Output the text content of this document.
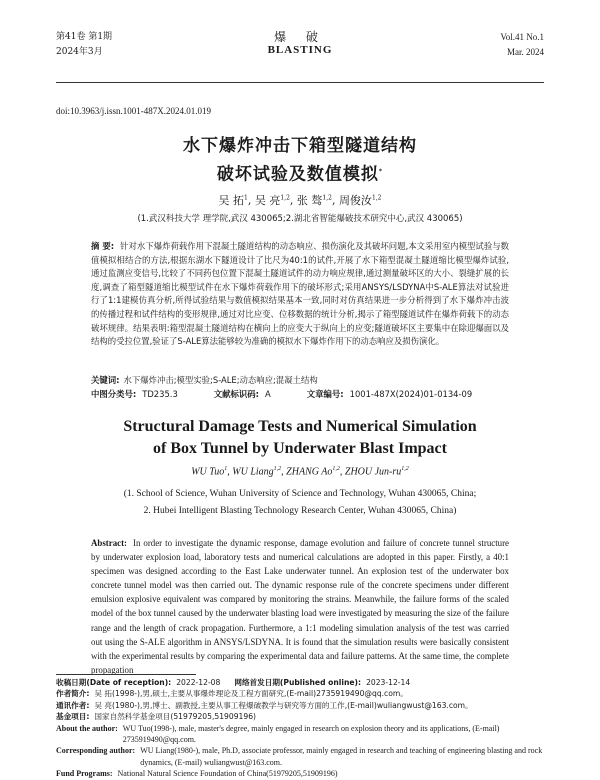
第41卷 第1期
2024年3月
爆 破
BLASTING
Vol.41 No.1
Mar. 2024
doi:10.3963/j.issn.1001-487X.2024.01.019
水下爆炸冲击下箱型隧道结构
破坏试验及数值模拟*
吴 拓$^1$, 吴 亮$^{1,2}$, 张 骜$^{1,2}$, 周俊汝$^{1,2}$
(1.武汉科技大学 理学院,武汉 430065;2.湖北省智能爆破技术研究中心,武汉 430065)
摘 要: 针对水下爆炸荷载作用下混凝土隧道结构的动态响应、损伤演化及其破坏问题,本文采用室内模型试验与数值模拟相结合的方法,根据东湖水下隧道设计了比尺为40:1的试件,开展了水下箱型混凝土隧道缩比模型爆炸试验,通过监测应变信号,比较了不同药包位置下混凝土隧道试件的动力响应规律,通过测量破坏区的大小、裂缝扩展的长度,调查了箱型隧道缩比模型试件在水下爆炸荷载作用下的破坏形式;采用ANSYS/LSDYNA中S-ALE算法对试验进行了1:1建模仿真分析,所得试验结果与数值模拟结果基本一致,同时对仿真结果进一步分析得到了水下爆炸冲击波的传播过程和试件结构的变形规律,通过对比应变、位移数据的统计分析,揭示了箱型隧道试件在爆炸荷载下的动态破坏规律。结果表明:箱型混凝土隧道结构在横向上的应变大于纵向上的应变;隧道破坏区主要集中在除迎爆面以及结构的受拉位置,验证了S-ALE算法能够较为准确的模拟水下爆炸作用下的动态响应及损伤演化。
关键词: 水下爆炸冲击;模型实验;S-ALE;动态响应;混凝土结构
中图分类号: TD235.3	文献标识码: A	文章编号: 1001-487X(2024)01-0134-09
Structural Damage Tests and Numerical Simulation
of Box Tunnel by Underwater Blast Impact
WU Tuo$^1$, WU Liang$^{1,2}$, ZHANG Ao$^{1,2}$, ZHOU Jun-ru$^{1,2}$
(1. School of Science, Wuhan University of Science and Technology, Wuhan 430065, China;
2. Hubei Intelligent Blasting Technology Research Center, Wuhan 430065, China)
Abstract: In order to investigate the dynamic response, damage evolution and failure of concrete tunnel structure by underwater explosion load, laboratory tests and numerical calculations are adopted in this paper. Firstly, a 40:1 specimen was designed according to the East Lake underwater tunnel. An explosion test of the underwater box concrete tunnel model was then carried out. The dynamic response rule of the concrete specimens under different emulsion explosive equivalent was compared by monitoring the strains. Meanwhile, the failure forms of the scaled model of the box tunnel caused by the underwater blasting load were investigated by measuring the size of the failure range and the length of crack propagation. Furthermore, a 1:1 modeling simulation analysis of the test was carried out using the S-ALE algorithm in ANSYS/LSDYNA. It is found that the simulation results were basically consistent with the experimental results by comparing the experimental data and failure patterns. At the same time, the complete propagation
收稿日期(Date of reception): 2022-12-08 网络首发日期(Published online): 2023-12-14
作者简介: 吴 拓(1998-),男,硕士,主要从事爆炸理论及工程方面研究,(E-mail)2735919490@qq.com。
通讯作者: 吴 亮(1980-),男,博士、副教授,主要从事工程爆破教学与研究等方面的工作,(E-mail)wuliangwust@163.com。
基金项目: 国家自然科学基金项目(51979205,51909196)
About the author: WU Tuo(1998-), male, master's degree, mainly engaged in research on explosion theory and its applications, (E-mail) 2735919490@qq.com.
Corresponding author: WU Liang(1980-), male, Ph.D, associate professor, mainly engaged in research and teaching of engineering blasting and rock dynamics, (E-mail) wuliangwust@163.com.
Fund Programs: National Natural Science Foundation of China(51979205,51909196)
